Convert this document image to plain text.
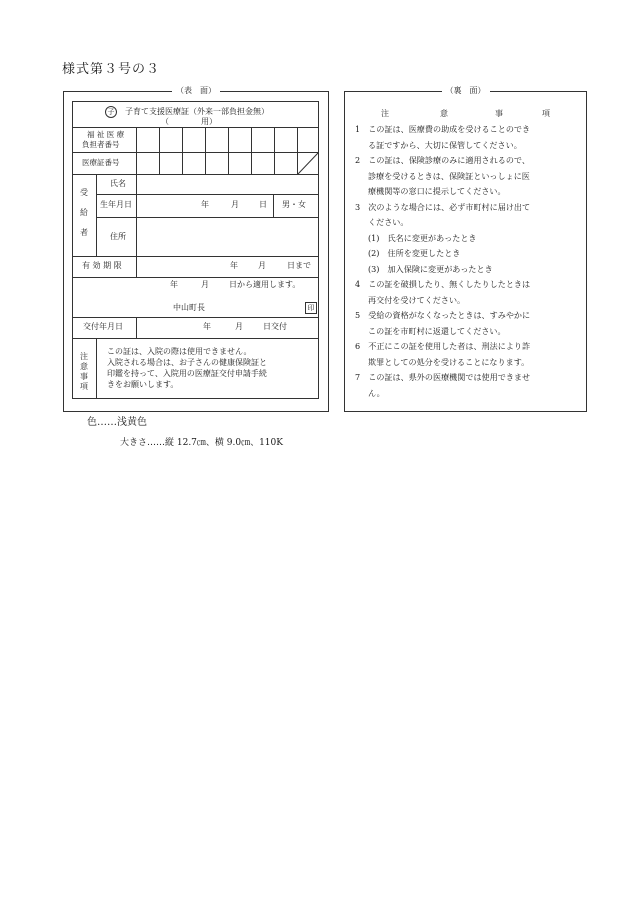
様式第３号の３
（表　面）
子	子育て支援医療証（外来一部負担金無）
（　　　　用）
福 祉 医 療
負担者番号
医療証番号
受
給
者
氏名
生年月日	年	月	日 男・女
住所
有 効 期 限	年	月	日まで
年	月	日から適用します。
中山町長	印
交付年月日	年	月	日交付
注
意
事
項
この証は、入院の際は使用できません。
入院される場合は、お子さんの健康保険証と
印鑑を持って、入院用の医療証交付申請手続
きをお願いします。
（裏　面）
注	意	事	項
1　この証は、医療費の助成を受けることのでき
る証ですから、大切に保管してください。
2　この証は、保険診療のみに適用されるので、
診療を受けるときは、保険証といっしょに医
療機関等の窓口に提示してください。
3　次のような場合には、必ず市町村に届け出て
ください。
(1)　氏名に変更があったとき
(2)　住所を変更したとき
(3)　加入保険に変更があったとき
4　この証を破損したり、無くしたりしたときは
再交付を受けてください。
5　受給の資格がなくなったときは、すみやかに
この証を市町村に返還してください。
6　不正にこの証を使用した者は、刑法により詐
欺罪としての処分を受けることになります。
7　この証は、県外の医療機関では使用できませ
ん。
色……浅黄色
大きさ……縦 12.7㎝、横 9.0㎝、110K
